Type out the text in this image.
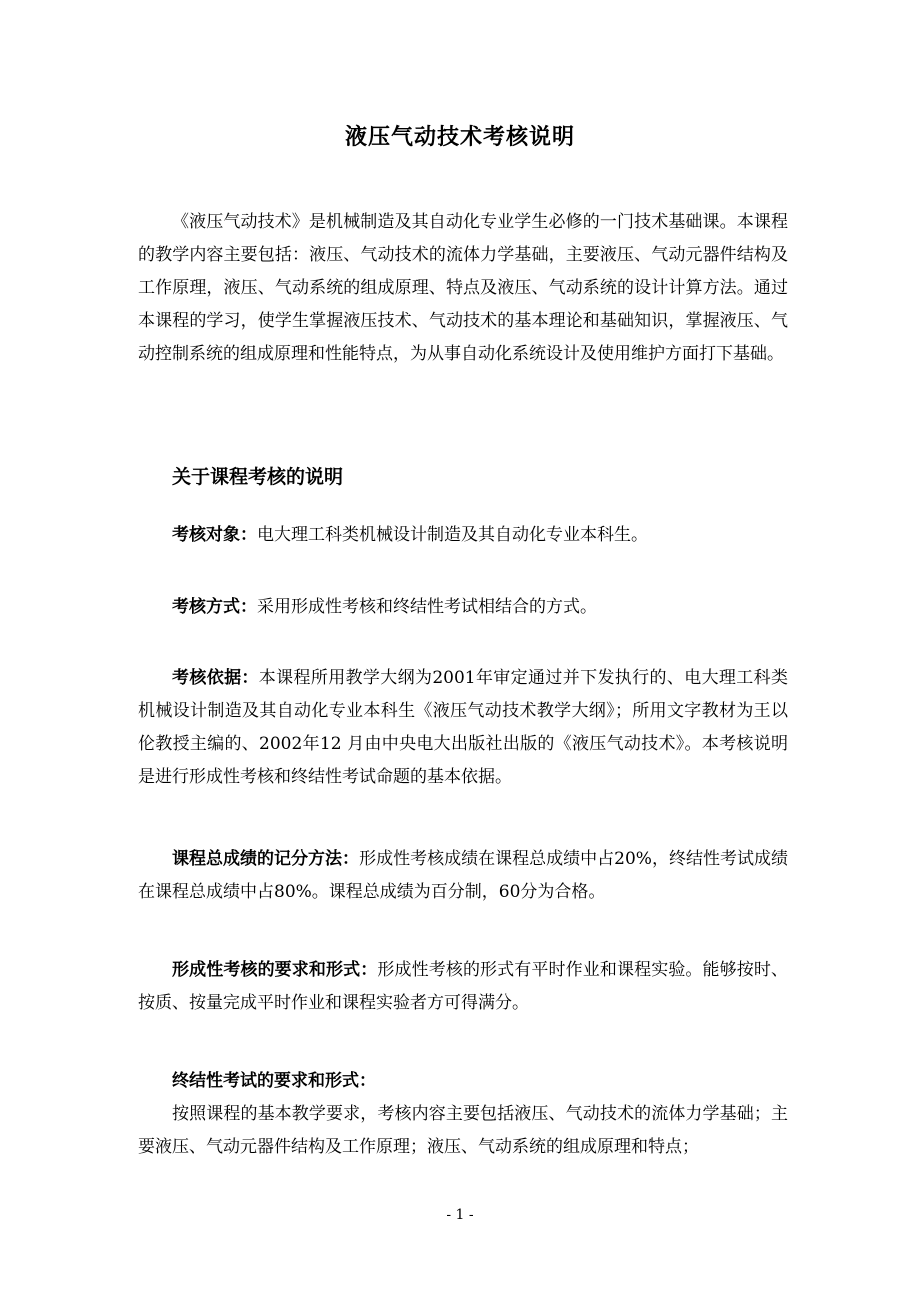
液压气动技术考核说明

《液压气动技术》是机械制造及其自动化专业学生必修的一门技术基础课。本课程的教学内容主要包括：液压、气动技术的流体力学基础，主要液压、气动元器件结构及工作原理，液压、气动系统的组成原理、特点及液压、气动系统的设计计算方法。通过本课程的学习，使学生掌握液压技术、气动技术的基本理论和基础知识，掌握液压、气动控制系统的组成原理和性能特点，为从事自动化系统设计及使用维护方面打下基础。

关于课程考核的说明

考核对象：电大理工科类机械设计制造及其自动化专业本科生。

考核方式：采用形成性考核和终结性考试相结合的方式。

考核依据：本课程所用教学大纲为2001年审定通过并下发执行的、电大理工科类机械设计制造及其自动化专业本科生《液压气动技术教学大纲》；所用文字教材为王以伦教授主编的、2002年12 月由中央电大出版社出版的《液压气动技术》。本考核说明是进行形成性考核和终结性考试命题的基本依据。

课程总成绩的记分方法：形成性考核成绩在课程总成绩中占20%，终结性考试成绩在课程总成绩中占80%。课程总成绩为百分制，60分为合格。

形成性考核的要求和形式：形成性考核的形式有平时作业和课程实验。能够按时、按质、按量完成平时作业和课程实验者方可得满分。

终结性考试的要求和形式：

按照课程的基本教学要求，考核内容主要包括液压、气动技术的流体力学基础；主要液压、气动元器件结构及工作原理；液压、气动系统的组成原理和特点；

- 1 -
